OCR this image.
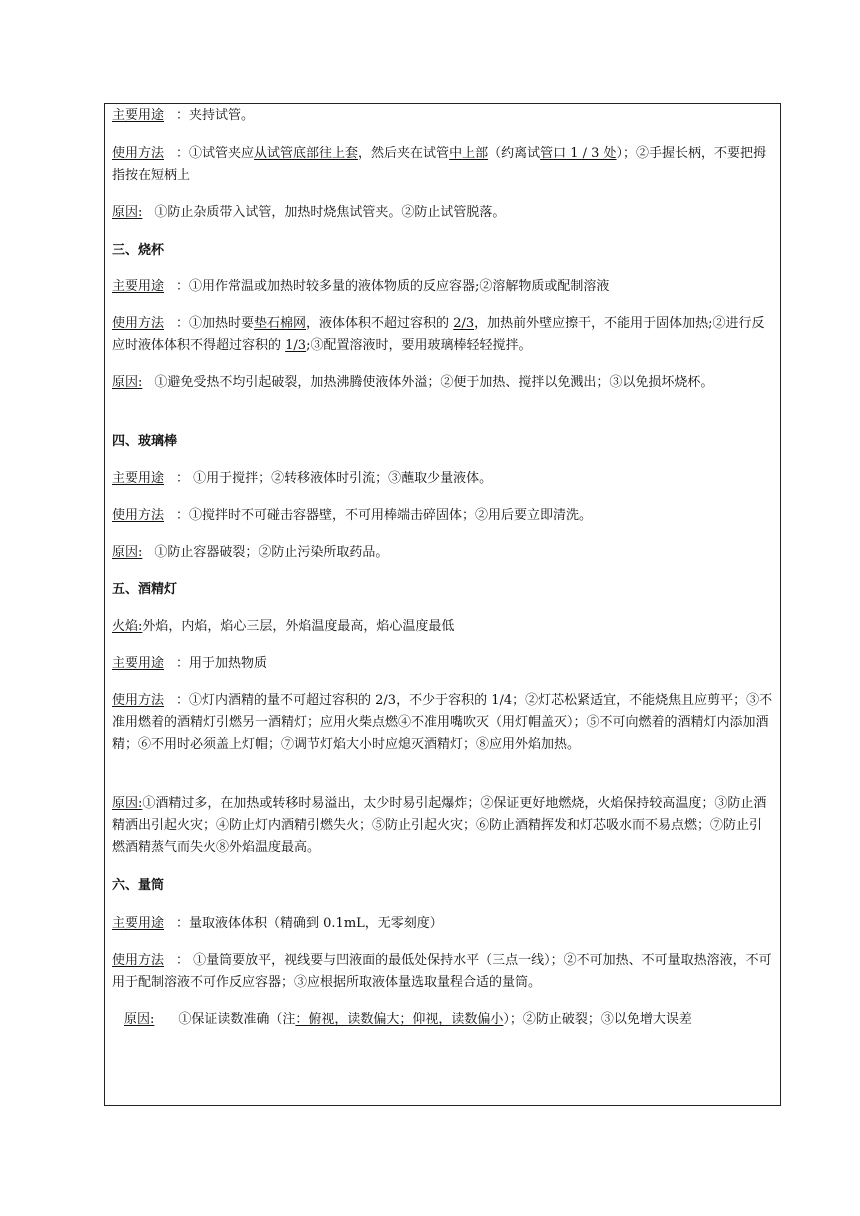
主要用途 ：夹持试管。

使用方法 ：①试管夹应从试管底部往上套，然后夹在试管中上部（约离试管口 1 / 3 处）；②手握长柄，不要把拇指按在短柄上

原因: ①防止杂质带入试管，加热时烧焦试管夹。②防止试管脱落。

三、烧杯

主要用途 ：①用作常温或加热时较多量的液体物质的反应容器;②溶解物质或配制溶液

使用方法 ：①加热时要垫石棉网，液体体积不超过容积的 2/3，加热前外壁应擦干，不能用于固体加热;②进行反应时液体体积不得超过容积的 1/3;③配置溶液时，要用玻璃棒轻轻搅拌。

原因: ①避免受热不均引起破裂，加热沸腾使液体外溢；②便于加热、搅拌以免溅出；③以免损坏烧杯。

四、玻璃棒

主要用途 ： ①用于搅拌；②转移液体时引流；③蘸取少量液体。

使用方法 ：①搅拌时不可碰击容器壁，不可用棒端击碎固体；②用后要立即清洗。

原因: ①防止容器破裂；②防止污染所取药品。

五、酒精灯

火焰:外焰，内焰，焰心三层，外焰温度最高，焰心温度最低

主要用途 ：用于加热物质

使用方法 ：①灯内酒精的量不可超过容积的 2/3，不少于容积的 1/4；②灯芯松紧适宜，不能烧焦且应剪平；③不准用燃着的酒精灯引燃另一酒精灯；应用火柴点燃④不准用嘴吹灭（用灯帽盖灭）；⑤不可向燃着的酒精灯内添加酒精；⑥不用时必须盖上灯帽；⑦调节灯焰大小时应熄灭酒精灯；⑧应用外焰加热。

原因:①酒精过多，在加热或转移时易溢出，太少时易引起爆炸；②保证更好地燃烧，火焰保持较高温度；③防止酒精洒出引起火灾；④防止灯内酒精引燃失火；⑤防止引起火灾；⑥防止酒精挥发和灯芯吸水而不易点燃；⑦防止引燃酒精蒸气而失火⑧外焰温度最高。

六、量筒

主要用途 ：量取液体体积（精确到 0.1mL，无零刻度）

使用方法 ： ①量筒要放平，视线要与凹液面的最低处保持水平（三点一线）；②不可加热、不可量取热溶液，不可用于配制溶液不可作反应容器；③应根据所取液体量选取量程合适的量筒。

原因: ①保证读数准确（注：俯视，读数偏大；仰视，读数偏小）；②防止破裂；③以免增大误差
